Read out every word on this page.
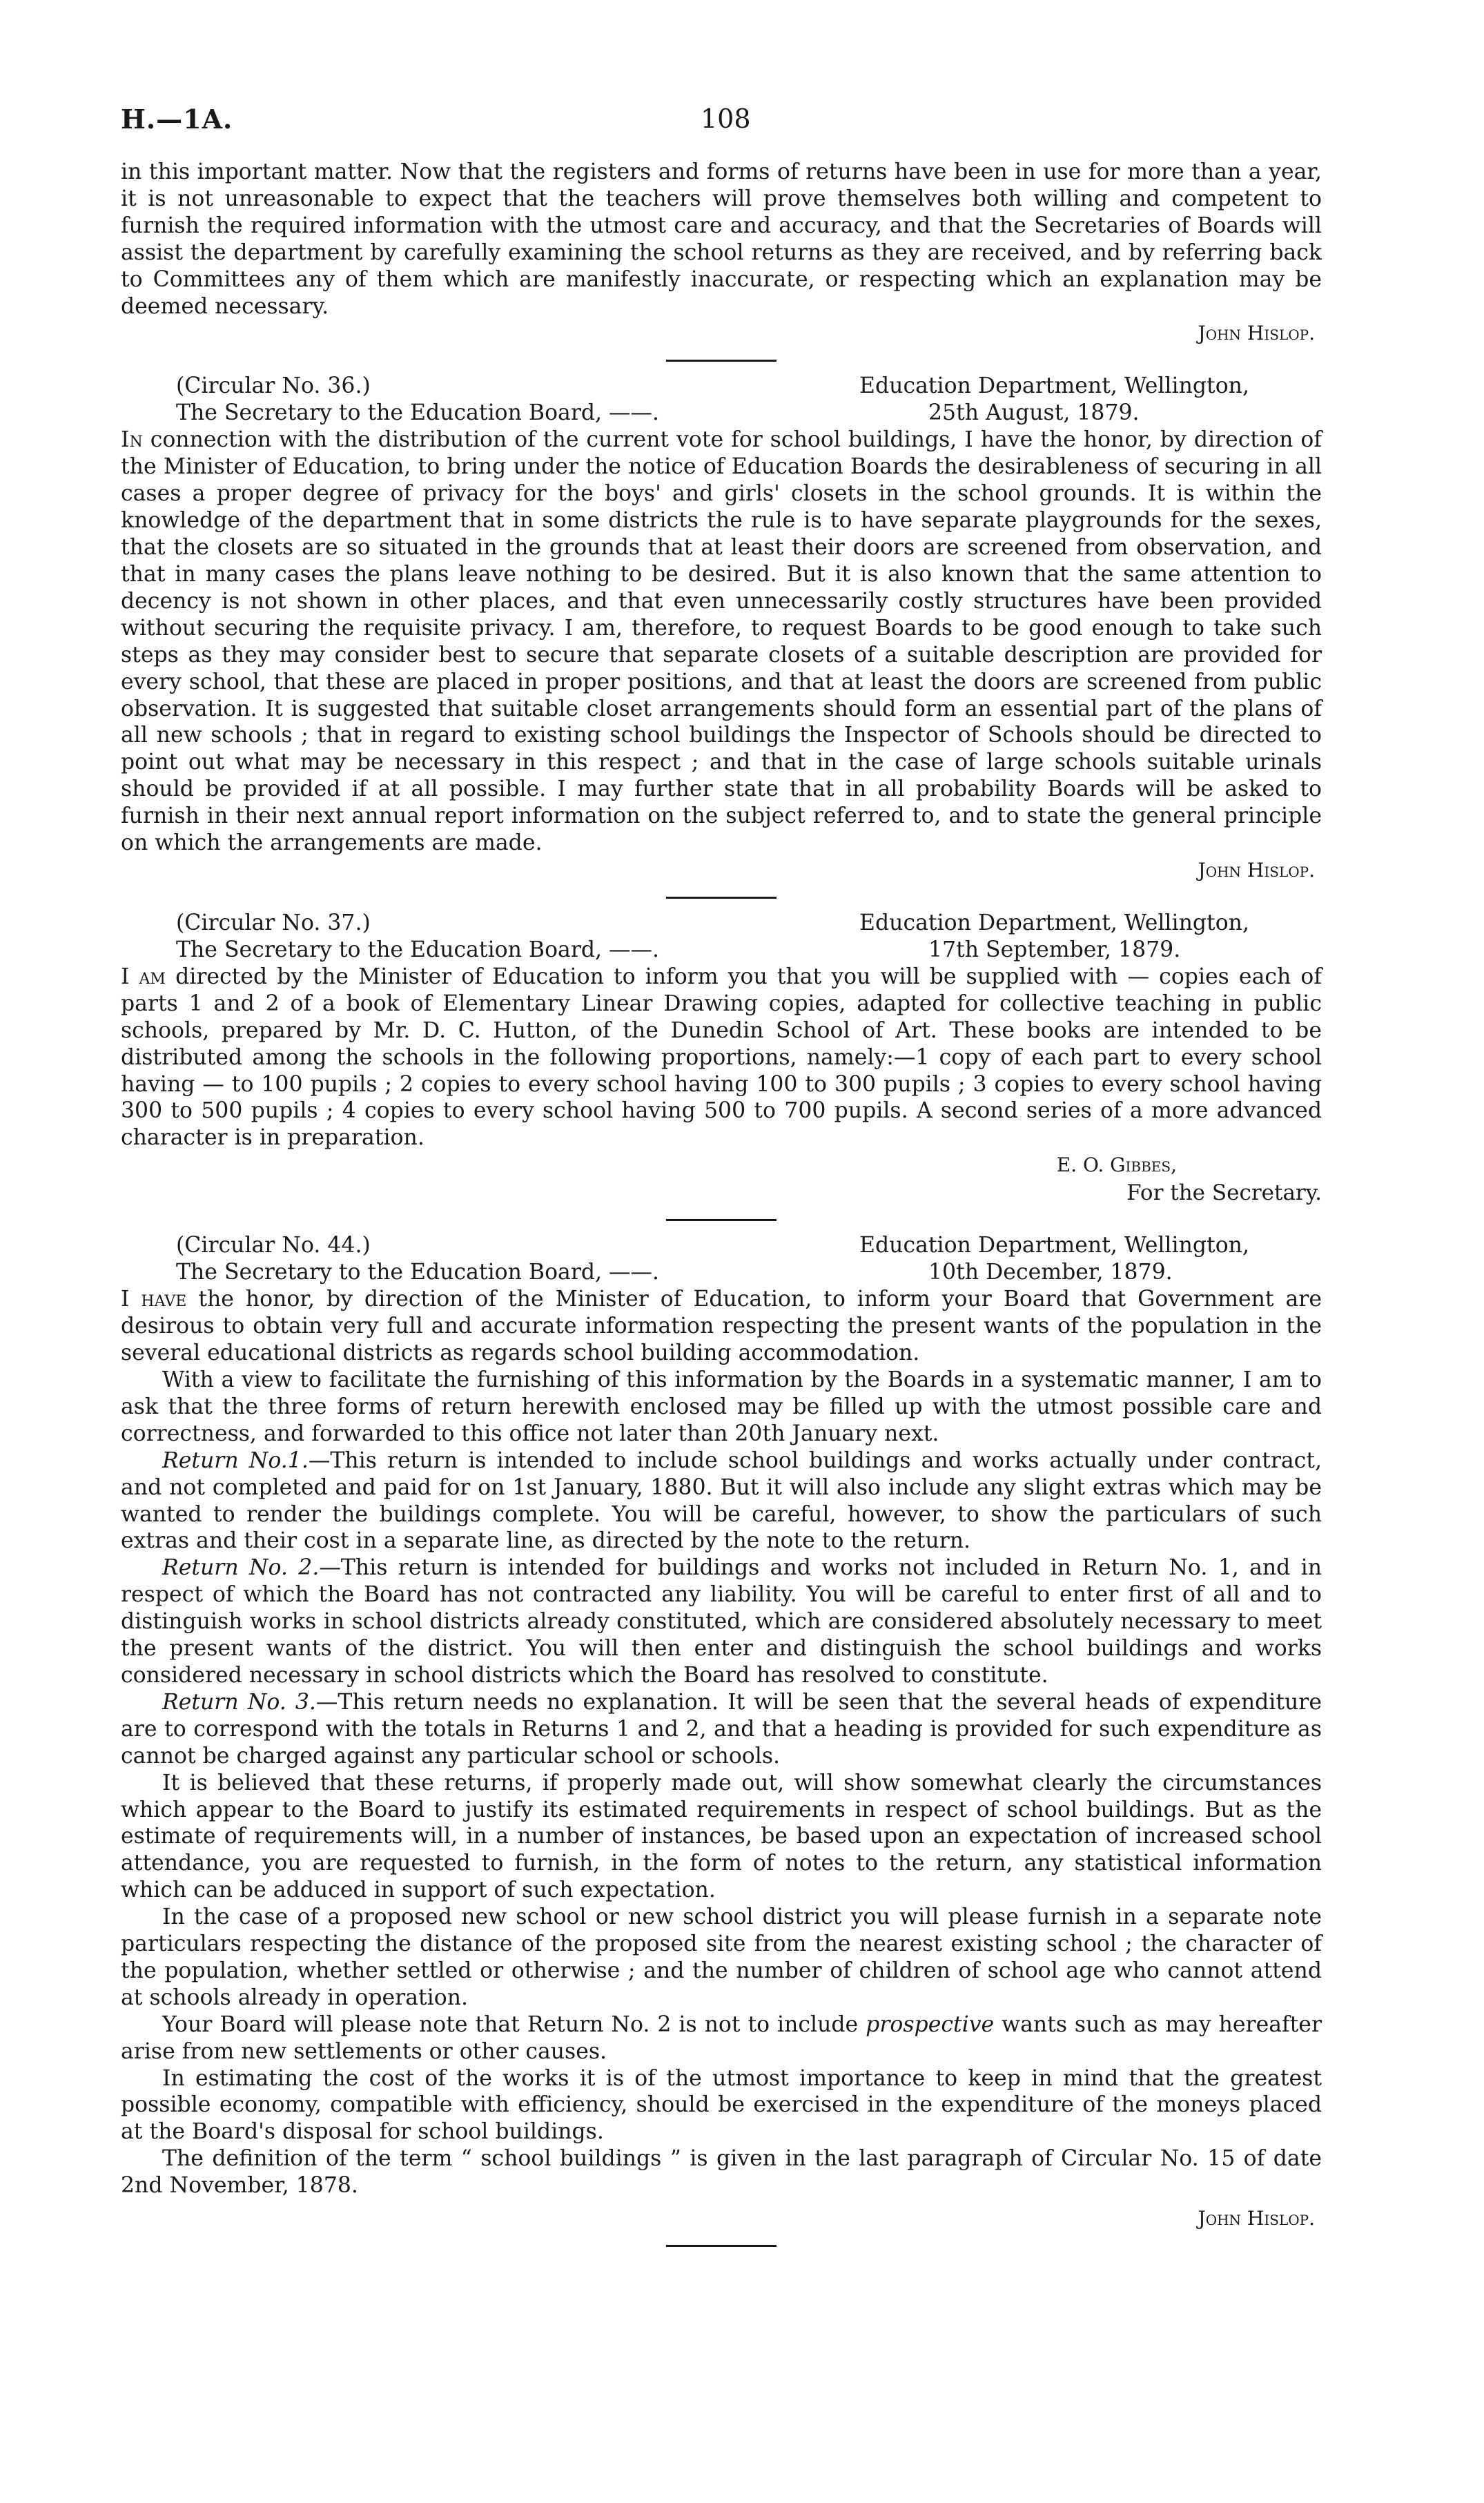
H.—1A.	108

in this important matter. Now that the registers and forms of returns have been in use for more than a year, it is not unreasonable to expect that the teachers will prove themselves both willing and competent to furnish the required information with the utmost care and accuracy, and that the Secretaries of Boards will assist the department by carefully examining the school returns as they are received, and by referring back to Committees any of them which are manifestly inaccurate, or respecting which an explanation may be deemed necessary.

John Hislop.
(Circular No. 36.)
The Secretary to the Education Board, ——.
Education Department, Wellington,
25th August, 1879.

In connection with the distribution of the current vote for school buildings, I have the honor, by direction of the Minister of Education, to bring under the notice of Education Boards the desirableness of securing in all cases a proper degree of privacy for the boys' and girls' closets in the school grounds. It is within the knowledge of the department that in some districts the rule is to have separate playgrounds for the sexes, that the closets are so situated in the grounds that at least their doors are screened from observation, and that in many cases the plans leave nothing to be desired. But it is also known that the same attention to decency is not shown in other places, and that even unnecessarily costly structures have been provided without securing the requisite privacy. I am, therefore, to request Boards to be good enough to take such steps as they may consider best to secure that separate closets of a suitable description are provided for every school, that these are placed in proper positions, and that at least the doors are screened from public observation. It is suggested that suitable closet arrangements should form an essential part of the plans of all new schools ; that in regard to existing school buildings the Inspector of Schools should be directed to point out what may be necessary in this respect ; and that in the case of large schools suitable urinals should be provided if at all possible. I may further state that in all probability Boards will be asked to furnish in their next annual report information on the subject referred to, and to state the general principle on which the arrangements are made.

John Hislop.
(Circular No. 37.)
The Secretary to the Education Board, ——.
Education Department, Wellington,
17th September, 1879.

I am directed by the Minister of Education to inform you that you will be supplied with — copies each of parts 1 and 2 of a book of Elementary Linear Drawing copies, adapted for collective teaching in public schools, prepared by Mr. D. C. Hutton, of the Dunedin School of Art. These books are intended to be distributed among the schools in the following proportions, namely:—1 copy of each part to every school having — to 100 pupils ; 2 copies to every school having 100 to 300 pupils ; 3 copies to every school having 300 to 500 pupils ; 4 copies to every school having 500 to 700 pupils. A second series of a more advanced character is in preparation.

E. O. Gibbes,
For the Secretary.
(Circular No. 44.)
The Secretary to the Education Board, ——.
Education Department, Wellington,
10th December, 1879.

I have the honor, by direction of the Minister of Education, to inform your Board that Government are desirous to obtain very full and accurate information respecting the present wants of the population in the several educational districts as regards school building accommodation.

With a view to facilitate the furnishing of this information by the Boards in a systematic manner, I am to ask that the three forms of return herewith enclosed may be filled up with the utmost possible care and correctness, and forwarded to this office not later than 20th January next.

Return No.1.—This return is intended to include school buildings and works actually under contract, and not completed and paid for on 1st January, 1880. But it will also include any slight extras which may be wanted to render the buildings complete. You will be careful, however, to show the particulars of such extras and their cost in a separate line, as directed by the note to the return.

Return No. 2.—This return is intended for buildings and works not included in Return No. 1, and in respect of which the Board has not contracted any liability. You will be careful to enter first of all and to distinguish works in school districts already constituted, which are considered absolutely necessary to meet the present wants of the district. You will then enter and distinguish the school buildings and works considered necessary in school districts which the Board has resolved to constitute.

Return No. 3.—This return needs no explanation. It will be seen that the several heads of expenditure are to correspond with the totals in Returns 1 and 2, and that a heading is provided for such expenditure as cannot be charged against any particular school or schools.

It is believed that these returns, if properly made out, will show somewhat clearly the circumstances which appear to the Board to justify its estimated requirements in respect of school buildings. But as the estimate of requirements will, in a number of instances, be based upon an expectation of increased school attendance, you are requested to furnish, in the form of notes to the return, any statistical information which can be adduced in support of such expectation.

In the case of a proposed new school or new school district you will please furnish in a separate note particulars respecting the distance of the proposed site from the nearest existing school ; the character of the population, whether settled or otherwise ; and the number of children of school age who cannot attend at schools already in operation.

Your Board will please note that Return No. 2 is not to include prospective wants such as may hereafter arise from new settlements or other causes.

In estimating the cost of the works it is of the utmost importance to keep in mind that the greatest possible economy, compatible with efficiency, should be exercised in the expenditure of the moneys placed at the Board's disposal for school buildings.

The definition of the term “ school buildings ” is given in the last paragraph of Circular No. 15 of date 2nd November, 1878.

John Hislop.
